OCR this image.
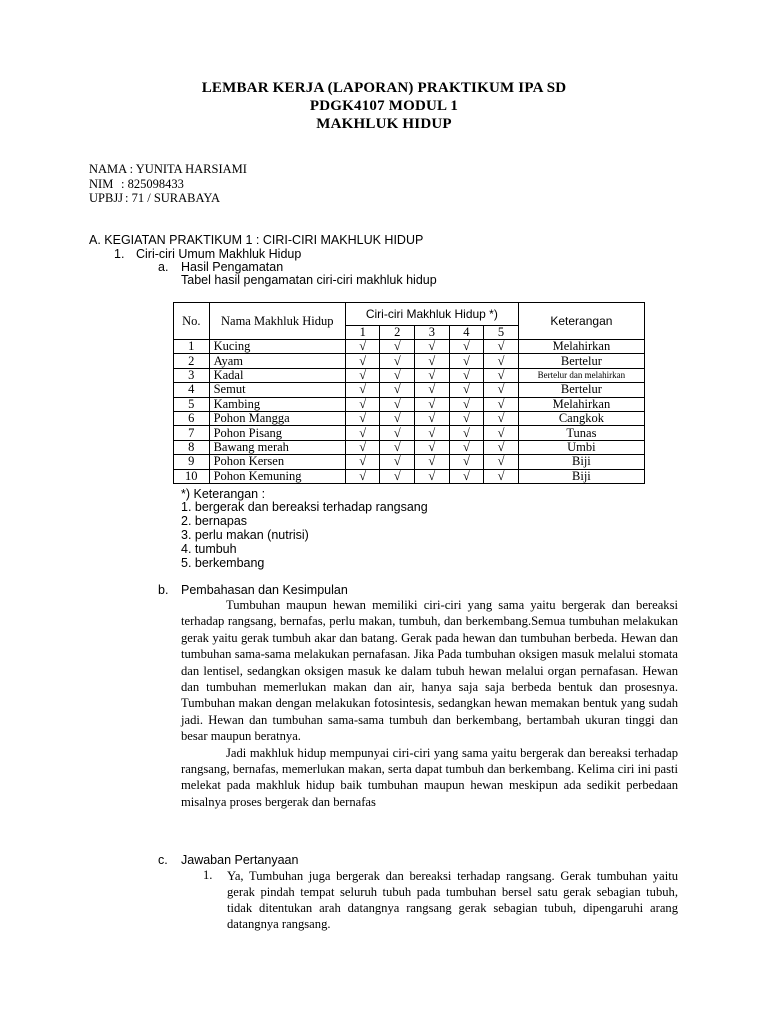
LEMBAR KERJA (LAPORAN) PRAKTIKUM IPA SD
PDGK4107 MODUL 1
MAKHLUK HIDUP
NAMA : YUNITA HARSIAMI
NIM : 825098433
UPBJJ : 71 / SURABAYA
A. KEGIATAN PRAKTIKUM 1 : CIRI-CIRI MAKHLUK HIDUP
1. Ciri-ciri Umum Makhluk Hidup
a. Hasil Pengamatan
Tabel hasil pengamatan ciri-ciri makhluk hidup
No.	Nama Makhluk Hidup	Ciri-ciri Makhluk Hidup *)					Keterangan
		1	2	3	4	5	
1	Kucing	√	√	√	√	√	Melahirkan
2	Ayam	√	√	√	√	√	Bertelur
3	Kadal	√	√	√	√	√	Bertelur dan melahirkan
4	Semut	√	√	√	√	√	Bertelur
5	Kambing	√	√	√	√	√	Melahirkan
6	Pohon Mangga	√	√	√	√	√	Cangkok
7	Pohon Pisang	√	√	√	√	√	Tunas
8	Bawang merah	√	√	√	√	√	Umbi
9	Pohon Kersen	√	√	√	√	√	Biji
10	Pohon Kemuning	√	√	√	√	√	Biji
*) Keterangan :
1. bergerak dan bereaksi terhadap rangsang
2. bernapas
3. perlu makan (nutrisi)
4. tumbuh
5. berkembang
b. Pembahasan dan Kesimpulan

Tumbuhan maupun hewan memiliki ciri-ciri yang sama yaitu bergerak dan bereaksi terhadap rangsang, bernafas, perlu makan, tumbuh, dan berkembang.Semua tumbuhan melakukan gerak yaitu gerak tumbuh akar dan batang. Gerak pada hewan dan tumbuhan berbeda. Hewan dan tumbuhan sama-sama melakukan pernafasan. Jika Pada tumbuhan oksigen masuk melalui stomata dan lentisel, sedangkan oksigen masuk ke dalam tubuh hewan melalui organ pernafasan. Hewan dan tumbuhan memerlukan makan dan air, hanya saja saja berbeda bentuk dan prosesnya. Tumbuhan makan dengan melakukan fotosintesis, sedangkan hewan memakan bentuk yang sudah jadi. Hewan dan tumbuhan sama-sama tumbuh dan berkembang, bertambah ukuran tinggi dan besar maupun beratnya.

Jadi makhluk hidup mempunyai ciri-ciri yang sama yaitu bergerak dan bereaksi terhadap rangsang, bernafas, memerlukan makan, serta dapat tumbuh dan berkembang. Kelima ciri ini pasti melekat pada makhluk hidup baik tumbuhan maupun hewan meskipun ada sedikit perbedaan misalnya proses bergerak dan bernafas

c. Jawaban Pertanyaan
1. Ya, Tumbuhan juga bergerak dan bereaksi terhadap rangsang. Gerak tumbuhan yaitu gerak pindah tempat seluruh tubuh pada tumbuhan bersel satu gerak sebagian tubuh, tidak ditentukan arah datangnya rangsang gerak sebagian tubuh, dipengaruhi arang datangnya rangsang.
